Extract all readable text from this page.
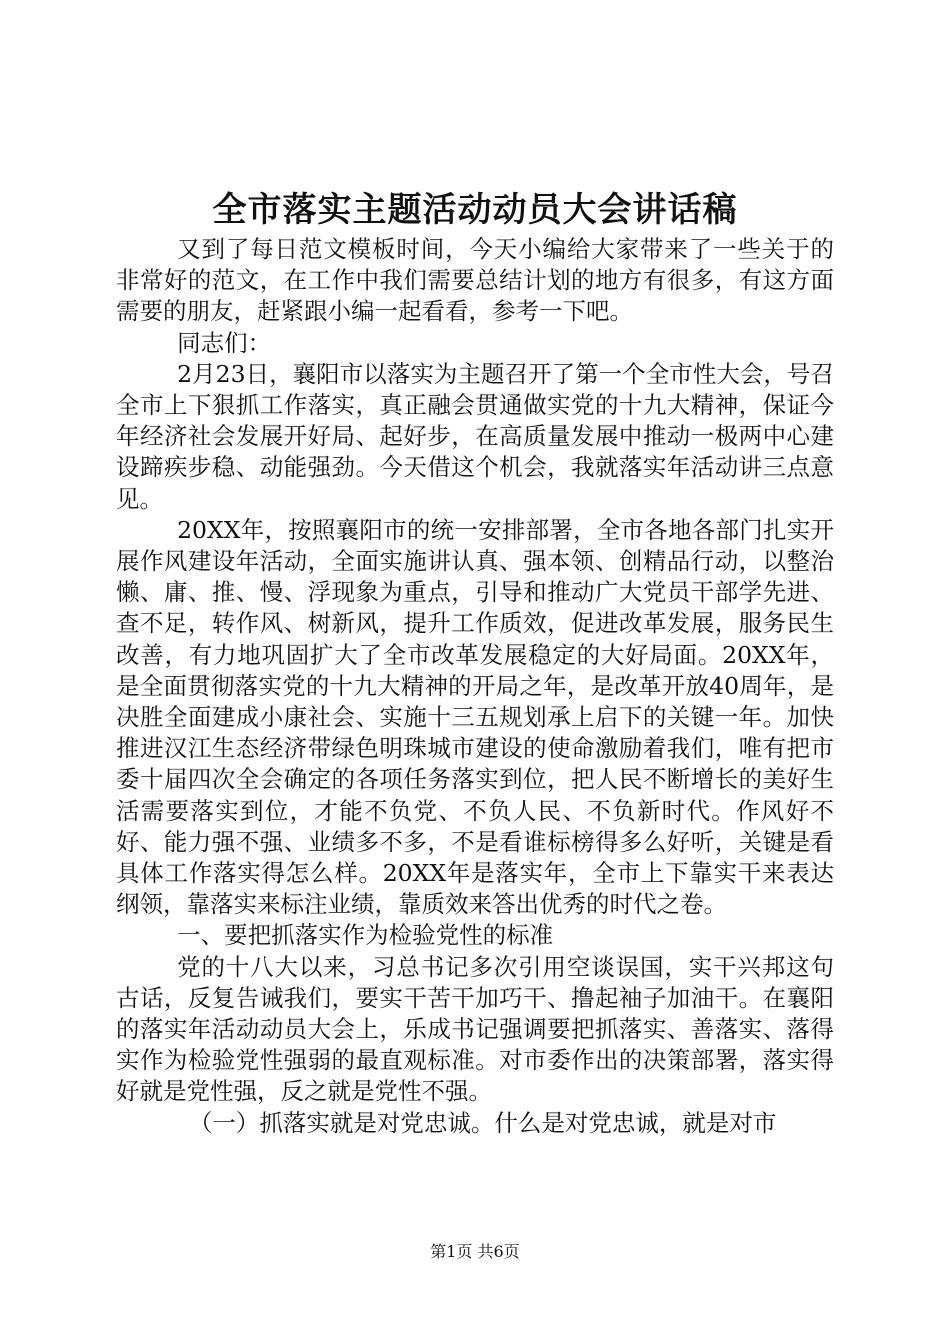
全市落实主题活动动员大会讲话稿

又到了每日范文模板时间，今天小编给大家带来了一些关于的非常好的范文，在工作中我们需要总结计划的地方有很多，有这方面需要的朋友，赶紧跟小编一起看看，参考一下吧。

同志们：

2月23日，襄阳市以落实为主题召开了第一个全市性大会，号召全市上下狠抓工作落实，真正融会贯通做实党的十九大精神，保证今年经济社会发展开好局、起好步，在高质量发展中推动一极两中心建设蹄疾步稳、动能强劲。今天借这个机会，我就落实年活动讲三点意见。

20XX年，按照襄阳市的统一安排部署，全市各地各部门扎实开展作风建设年活动，全面实施讲认真、强本领、创精品行动，以整治懒、庸、推、慢、浮现象为重点，引导和推动广大党员干部学先进、查不足，转作风、树新风，提升工作质效，促进改革发展，服务民生改善，有力地巩固扩大了全市改革发展稳定的大好局面。20XX年，是全面贯彻落实党的十九大精神的开局之年，是改革开放40周年，是决胜全面建成小康社会、实施十三五规划承上启下的关键一年。加快推进汉江生态经济带绿色明珠城市建设的使命激励着我们，唯有把市委十届四次全会确定的各项任务落实到位，把人民不断增长的美好生活需要落实到位，才能不负党、不负人民、不负新时代。作风好不好、能力强不强、业绩多不多，不是看谁标榜得多么好听，关键是看具体工作落实得怎么样。20XX年是落实年，全市上下靠实干来表达纲领，靠落实来标注业绩，靠质效来答出优秀的时代之卷。

一、要把抓落实作为检验党性的标准

党的十八大以来，习总书记多次引用空谈误国，实干兴邦这句古话，反复告诫我们，要实干苦干加巧干、撸起袖子加油干。在襄阳的落实年活动动员大会上，乐成书记强调要把抓落实、善落实、落得实作为检验党性强弱的最直观标准。对市委作出的决策部署，落实得好就是党性强，反之就是党性不强。

（一）抓落实就是对党忠诚。什么是对党忠诚，就是对市

第1页 共6页
